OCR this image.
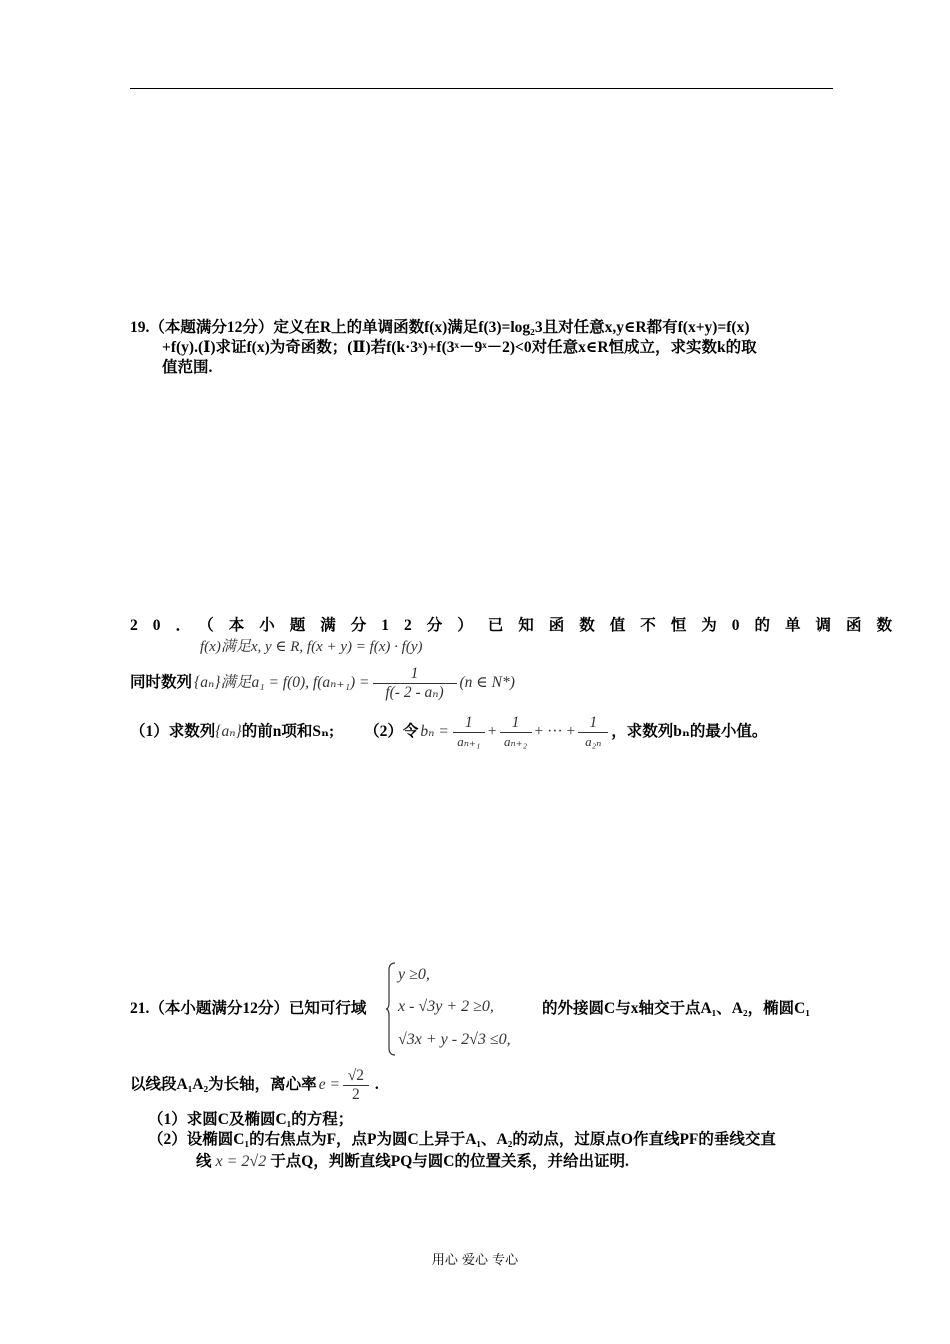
19.（本题满分12分）定义在R上的单调函数f(x)满足f(3)=log₂3且对任意x,y∈R都有f(x+y)=f(x)
+f(y).(Ⅰ)求证f(x)为奇函数；(Ⅱ)若f(k·3ˣ)+f(3ˣ－9ˣ－2)<0对任意x∈R恒成立，求实数k的取
值范围.
20．（本小题满分12分）已知函数值不恒为0的单调函数
f(x)满足x, y ∈ R, f(x + y) = f(x) · f(y)
同时数列 {aₙ}满足a₁ = f(0), $f(a_{n+1}) = \frac{1}{\text{f(- 2 - aₙ)}} (n$ ∈ N*)
（1）求数列 {aₙ} 的前n项和Sₙ; （2）令 $b_n = \frac{1}{\text{aₙ₊₁}} + \frac{1}{\text{aₙ₊₂}}$ + ··· + $\frac{1}{\text{a₂ₙ}}$ ，求数列bₙ的最小值。
21.（本小题满分12分）已知可行域
y ≥0,
x - √3y + 2 ≥0,
√3x + y - 2√3 ≤0,
的外接圆C与x轴交于点A₁、A₂，椭圆C₁
以线段A₁A₂为长轴，离心率 $e = \frac{√2}{2}$ .
（1）求圆C及椭圆C₁的方程；
（2）设椭圆C₁的右焦点为F，点P为圆C上异于A₁、A₂的动点，过原点O作直线PF的垂线交直
线 x = 2√2 于点Q，判断直线PQ与圆C的位置关系，并给出证明.
用心 爱心 专心
